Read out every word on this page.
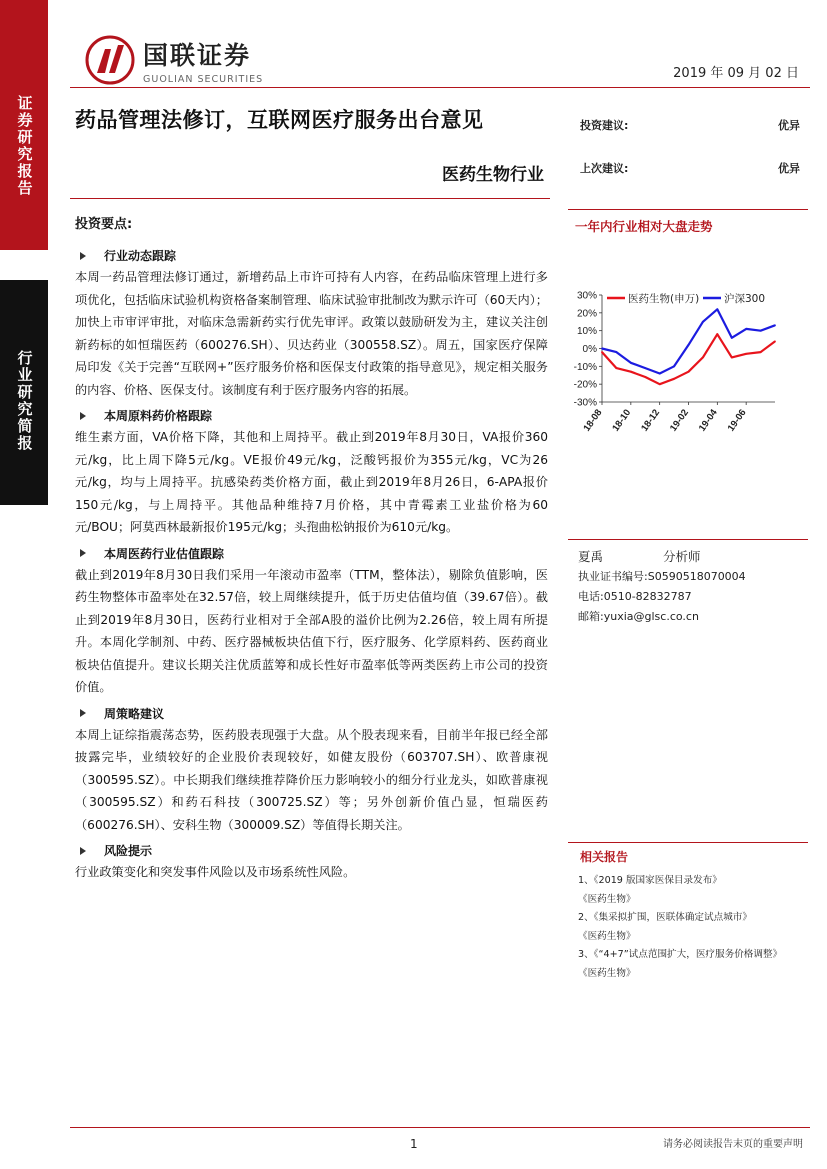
证券研究报告
行业研究简报
国联证券
GUOLIAN SECURITIES	2019 年 09 月 02 日
药品管理法修订，互联网医疗服务出台意见
医药生物行业
投资建议:	优异
上次建议:	优异
投资要点:
行业动态跟踪
本周一药品管理法修订通过，新增药品上市许可持有人内容，在药品临床管理上进行多项优化，包括临床试验机构资格备案制管理、临床试验审批制改为默示许可（60天内）；加快上市审评审批，对临床急需新药实行优先审评。政策以鼓励研发为主，建议关注创新药标的如恒瑞医药（600276.SH）、贝达药业（300558.SZ）。周五，国家医疗保障局印发《关于完善“互联网+”医疗服务价格和医保支付政策的指导意见》，规定相关服务的内容、价格、医保支付。该制度有利于医疗服务内容的拓展。
本周原料药价格跟踪
维生素方面，VA价格下降，其他和上周持平。截止到2019年8月30日，VA报价360元/kg，比上周下降5元/kg。VE报价49元/kg，泛酸钙报价为355元/kg，VC为26元/kg，均与上周持平。抗感染药类价格方面，截止到2019年8月26日，6-APA报价150元/kg，与上周持平。其他品种维持7月价格，其中青霉素工业盐价格为60元/BOU；阿莫西林最新报价195元/kg；头孢曲松钠报价为610元/kg。
本周医药行业估值跟踪
截止到2019年8月30日我们采用一年滚动市盈率（TTM，整体法），剔除负值影响，医药生物整体市盈率处在32.57倍，较上周继续提升，低于历史估值均值（39.67倍）。截止到2019年8月30日，医药行业相对于全部A股的溢价比例为2.26倍，较上周有所提升。本周化学制剂、中药、医疗器械板块估值下行，医疗服务、化学原料药、医药商业板块估值提升。建议长期关注优质蓝筹和成长性好市盈率低等两类医药上市公司的投资价值。
周策略建议
本周上证综指震荡态势，医药股表现强于大盘。从个股表现来看，目前半年报已经全部披露完毕，业绩较好的企业股价表现较好，如健友股份（603707.SH）、欧普康视（300595.SZ）。中长期我们继续推荐降价压力影响较小的细分行业龙头，如欧普康视（300595.SZ）和药石科技（300725.SZ）等；另外创新价值凸显，恒瑞医药（600276.SH）、安科生物（300009.SZ）等值得长期关注。
风险提示
行业政策变化和突发事件风险以及市场系统性风险。
一年内行业相对大盘走势
30%
20%
10%
0%
-10%
-20%
-30%
18-08 18-10 18-12 19-02 19-04 19-06
医药生物(申万) 沪深300
夏禹	分析师
执业证书编号: S0590518070004
电话: 0510-82832787
邮箱: yuxia@glsc.co.cn
相关报告
1、《2019 版国家医保目录发布》
《医药生物》
2、《集采拟扩围，医联体确定试点城市》
《医药生物》
3、《“4+7”试点范围扩大，医疗服务价格调整》
《医药生物》
1	请务必阅读报告末页的重要声明
